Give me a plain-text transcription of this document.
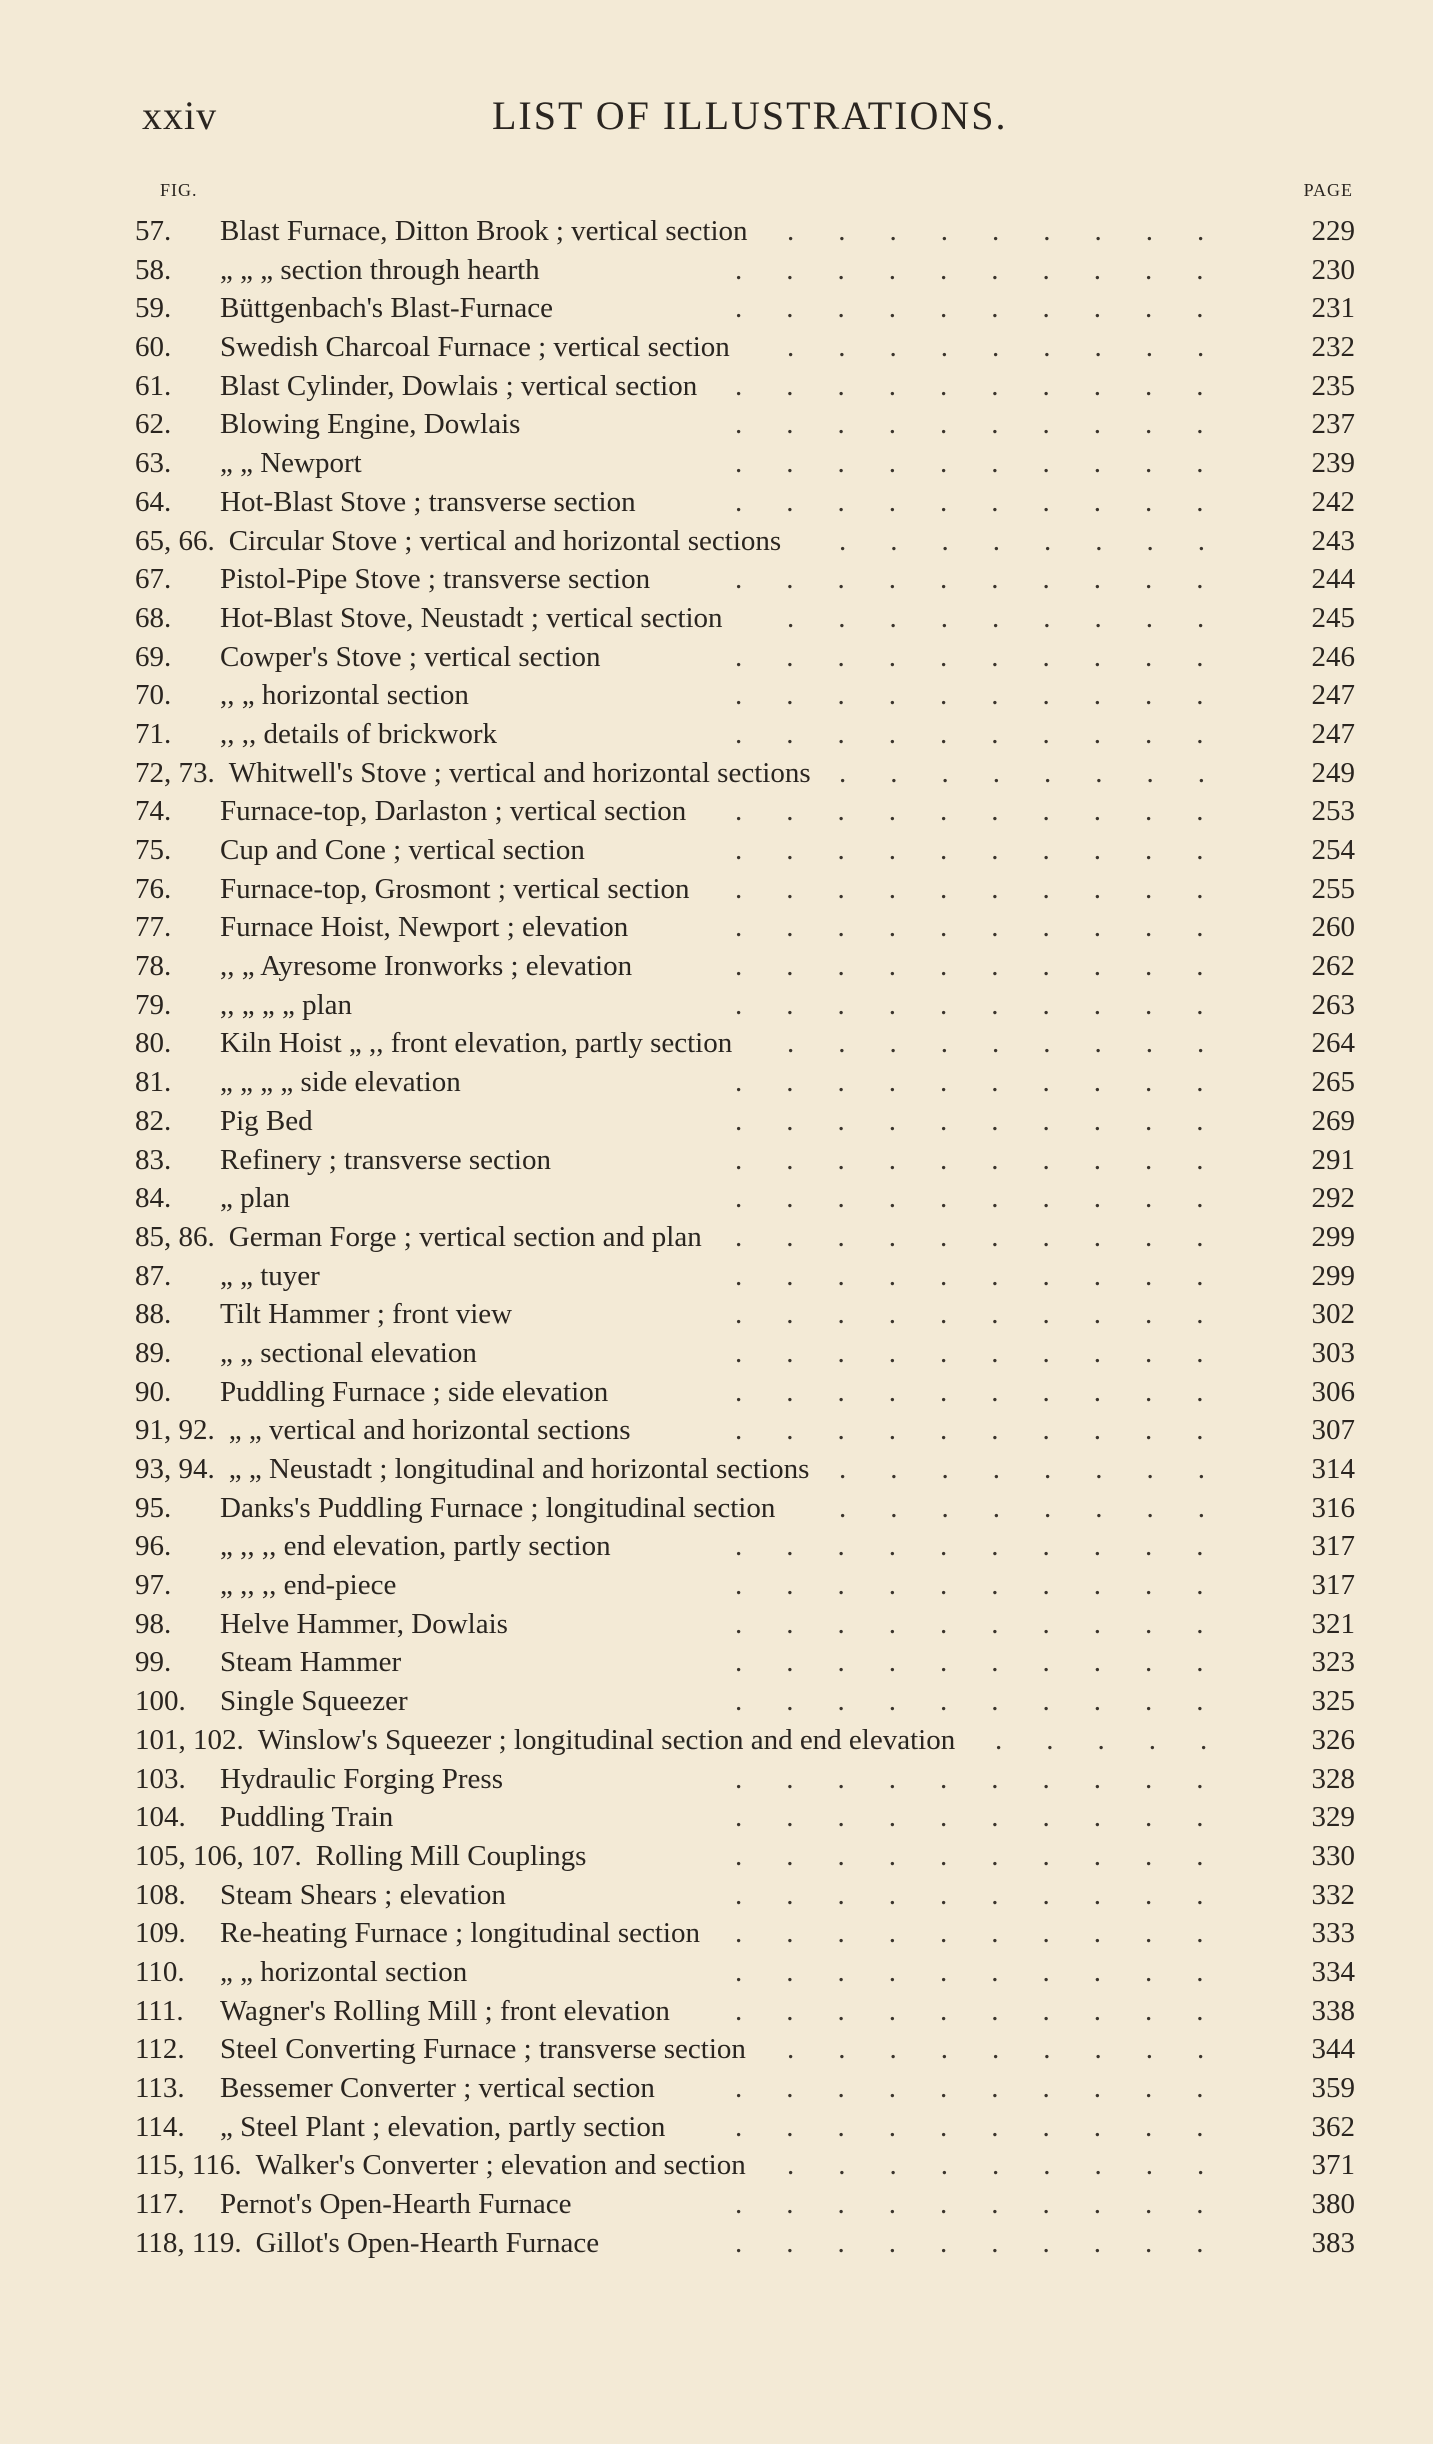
xxiv	LIST OF ILLUSTRATIONS.
FIG.	PAGE
57. Blast Furnace, Ditton Brook ; vertical section	229
.........
58. „ „ „ section through hearth	230
..........
59. Büttgenbach's Blast-Furnace	231
..........
60. Swedish Charcoal Furnace ; vertical section	232
.........
61. Blast Cylinder, Dowlais ; vertical section	235
..........
62. Blowing Engine, Dowlais	237
..........
63. „ „ Newport	239
..........
64. Hot-Blast Stove ; transverse section	242
..........
65, 66. Circular Stove ; vertical and horizontal sections	243
........
67. Pistol-Pipe Stove ; transverse section	244
..........
68. Hot-Blast Stove, Neustadt ; vertical section	245
.........
69. Cowper's Stove ; vertical section	246
..........
70. ,, „ horizontal section	247
..........
71. ,, ,, details of brickwork	247
..........
72, 73. Whitwell's Stove ; vertical and horizontal sections	249
........
74. Furnace-top, Darlaston ; vertical section	253
..........
75. Cup and Cone ; vertical section	254
..........
76. Furnace-top, Grosmont ; vertical section	255
..........
77. Furnace Hoist, Newport ; elevation	260
..........
78. ,, „ Ayresome Ironworks ; elevation	262
..........
79. ,, „ „ „ plan	263
..........
80. Kiln Hoist „ ,, front elevation, partly section	264
.........
81. „ „ „ „ side elevation	265
..........
82. Pig Bed	269
..........
83. Refinery ; transverse section	291
..........
84. „ plan	292
..........
85, 86. German Forge ; vertical section and plan	299
..........
87. „ „ tuyer	299
..........
88. Tilt Hammer ; front view	302
..........
89. „ „ sectional elevation	303
..........
90. Puddling Furnace ; side elevation	306
..........
91, 92. „ „ vertical and horizontal sections	307
..........
93, 94. „ „ Neustadt ; longitudinal and horizontal sections	314
........
95. Danks's Puddling Furnace ; longitudinal section	316
........
96. „ ,, ,, end elevation, partly section	317
..........
97. „ ,, ,, end-piece	317
..........
98. Helve Hammer, Dowlais	321
..........
99. Steam Hammer	323
..........
100. Single Squeezer	325
..........
101, 102. Winslow's Squeezer ; longitudinal section and end elevation	326
.....
103. Hydraulic Forging Press	328
..........
104. Puddling Train	329
..........
105, 106, 107. Rolling Mill Couplings	330
..........
108. Steam Shears ; elevation	332
..........
109. Re-heating Furnace ; longitudinal section	333
..........
110. „ „ horizontal section	334
..........
111. Wagner's Rolling Mill ; front elevation	338
..........
112. Steel Converting Furnace ; transverse section	344
.........
113. Bessemer Converter ; vertical section	359
..........
114. „ Steel Plant ; elevation, partly section	362
..........
115, 116. Walker's Converter ; elevation and section	371
.........
117. Pernot's Open-Hearth Furnace	380
..........
118, 119. Gillot's Open-Hearth Furnace	383
..........
